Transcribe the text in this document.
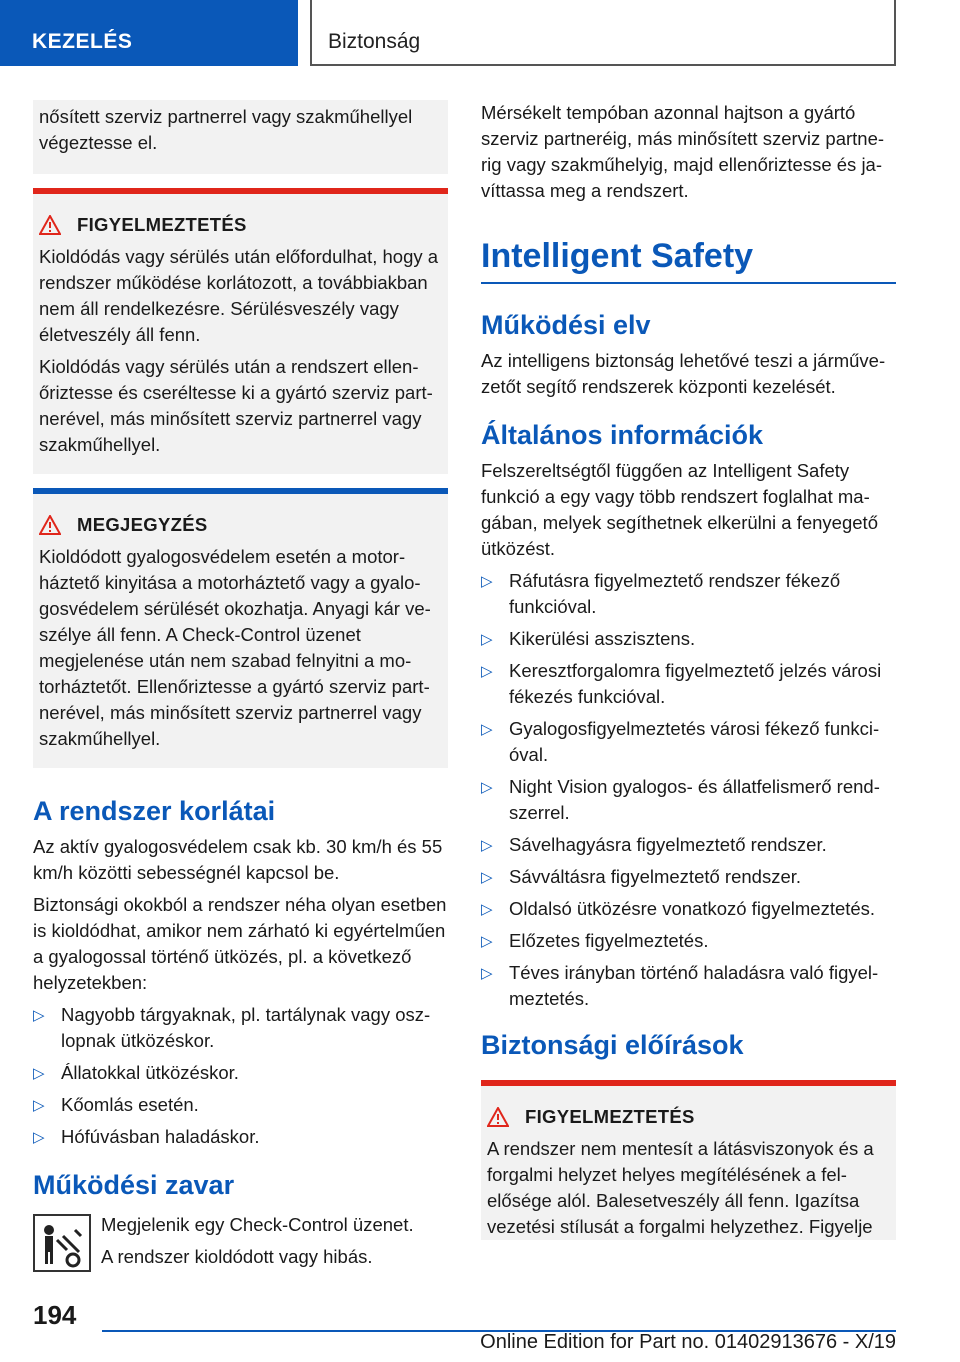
KEZELÉS	Biztonság

nősített szerviz partnerrel vagy szakműhellyel végeztesse el.

FIGYELMEZTETÉS

Kioldódás vagy sérülés után előfordulhat, hogy a rendszer működése korlátozott, a továbbiakban nem áll rendelkezésre. Sérülésveszély vagy életveszély áll fenn.

Kioldódás vagy sérülés után a rendszert ellenőriztesse és cseréltesse ki a gyártó szerviz partnerével, más minősített szerviz partnerrel vagy szakműhellyel.

MEGJEGYZÉS

Kioldódott gyalogosvédelem esetén a motorháztető kinyitása a motorháztető vagy a gyalogosvédelem sérülését okozhatja. Anyagi kár veszélye áll fenn. A Check-Control üzenet megjelenése után nem szabad felnyitni a motorháztetőt. Ellenőriztesse a gyártó szerviz partnerével, más minősített szerviz partnerrel vagy szakműhellyel.

A rendszer korlátai

Az aktív gyalogosvédelem csak kb. 30 km/h és 55 km/h közötti sebességnél kapcsol be.

Biztonsági okokból a rendszer néha olyan esetben is kioldódhat, amikor nem zárható ki egyértelműen a gyalogossal történő ütközés, pl. a következő helyzetekben:

▷ Nagyobb tárgyaknak, pl. tartálynak vagy oszlopnak ütközéskor.
▷ Állatokkal ütközéskor.
▷ Kőomlás esetén.
▷ Hófúvásban haladáskor.
Működési zavar

Megjelenik egy Check-Control üzenet.

A rendszer kioldódott vagy hibás.

Mérsékelt tempóban azonnal hajtson a gyártó szerviz partneréig, más minősített szerviz partnerig vagy szakműhelyig, majd ellenőriztesse és javíttassa meg a rendszert.

Intelligent Safety
Működési elv

Az intelligens biztonság lehetővé teszi a járművezetőt segítő rendszerek központi kezelését.

Általános információk

Felszereltségtől függően az Intelligent Safety funkció a egy vagy több rendszert foglalhat magában, melyek segíthetnek elkerülni a fenyegető ütközést.

▷ Ráfutásra figyelmeztető rendszer fékező funkcióval.
▷ Kikerülési asszisztens.
▷ Keresztforgalomra figyelmeztető jelzés városi fékezés funkcióval.
▷ Gyalogosfigyelmeztetés városi fékező funkcióval.
▷ Night Vision gyalogos- és állatfelismerő rendszerrel.
▷ Sávelhagyásra figyelmeztető rendszer.
▷ Sávváltásra figyelmeztető rendszer.
▷ Oldalsó ütközésre vonatkozó figyelmeztetés.
▷ Előzetes figyelmeztetés.
▷ Téves irányban történő haladásra való figyelmeztetés.
Biztonsági előírások
FIGYELMEZTETÉS

A rendszer nem mentesít a látásviszonyok és a forgalmi helyzet helyes megítélésének a felelősége alól. Balesetveszély áll fenn. Igazítsa vezetési stílusát a forgalmi helyzethez. Figyelje

194
Online Edition for Part no. 01402913676 - X/19
